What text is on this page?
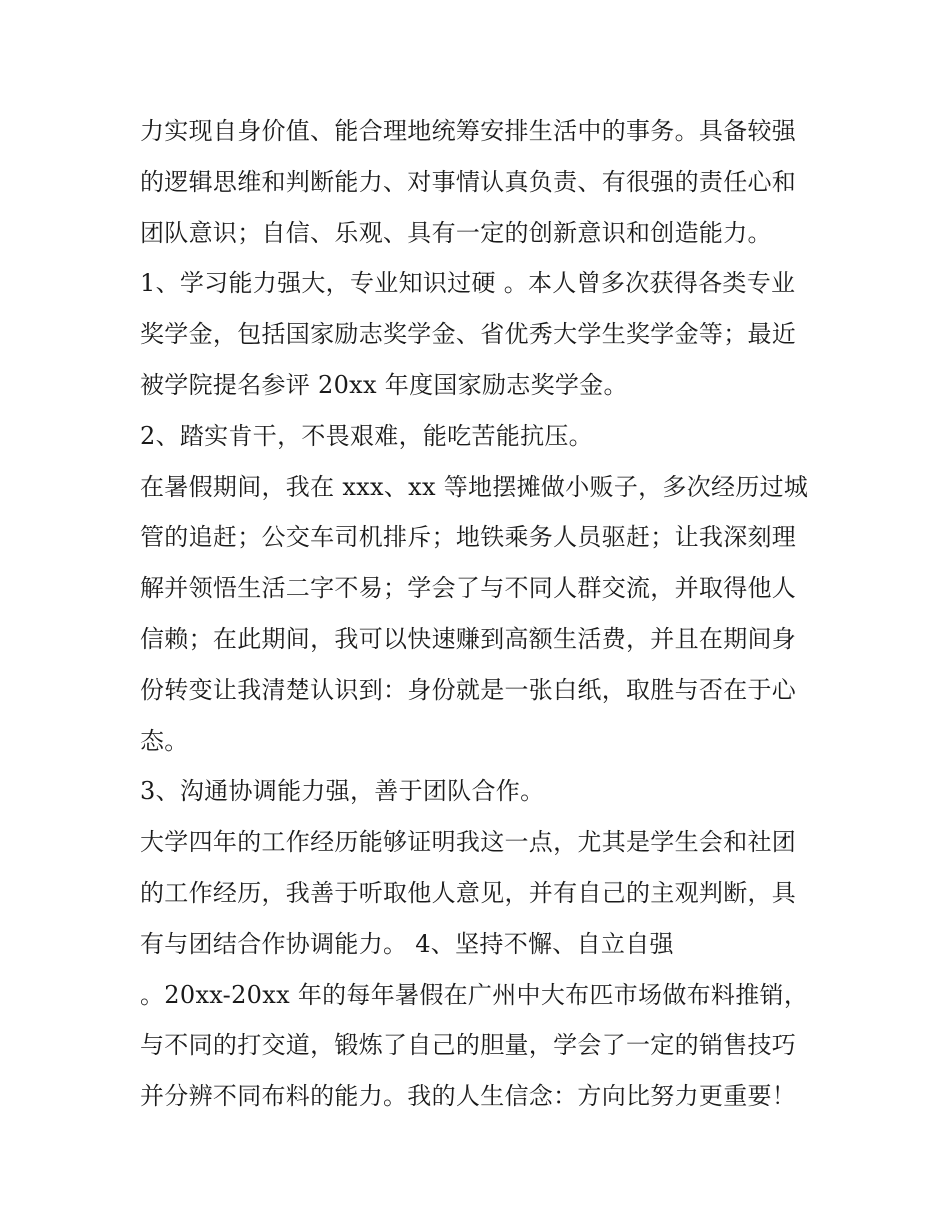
力实现自身价值、能合理地统筹安排生活中的事务。具备较强
的逻辑思维和判断能力、对事情认真负责、有很强的责任心和
团队意识；自信、乐观、具有一定的创新意识和创造能力。
1、学习能力强大，专业知识过硬 。本人曾多次获得各类专业
奖学金，包括国家励志奖学金、省优秀大学生奖学金等；最近
被学院提名参评 20xx 年度国家励志奖学金。
2、踏实肯干，不畏艰难，能吃苦能抗压。
在暑假期间，我在 xxx、xx 等地摆摊做小贩子，多次经历过城
管的追赶；公交车司机排斥；地铁乘务人员驱赶；让我深刻理
解并领悟生活二字不易；学会了与不同人群交流，并取得他人
信赖；在此期间，我可以快速赚到高额生活费，并且在期间身
份转变让我清楚认识到：身份就是一张白纸，取胜与否在于心
态。
3、沟通协调能力强，善于团队合作。
大学四年的工作经历能够证明我这一点，尤其是学生会和社团
的工作经历，我善于听取他人意见，并有自己的主观判断，具
有与团结合作协调能力。 4、坚持不懈、自立自强
。20xx-20xx 年的每年暑假在广州中大布匹市场做布料推销，
与不同的打交道，锻炼了自己的胆量，学会了一定的销售技巧
并分辨不同布料的能力。我的人生信念：方向比努力更重要！
